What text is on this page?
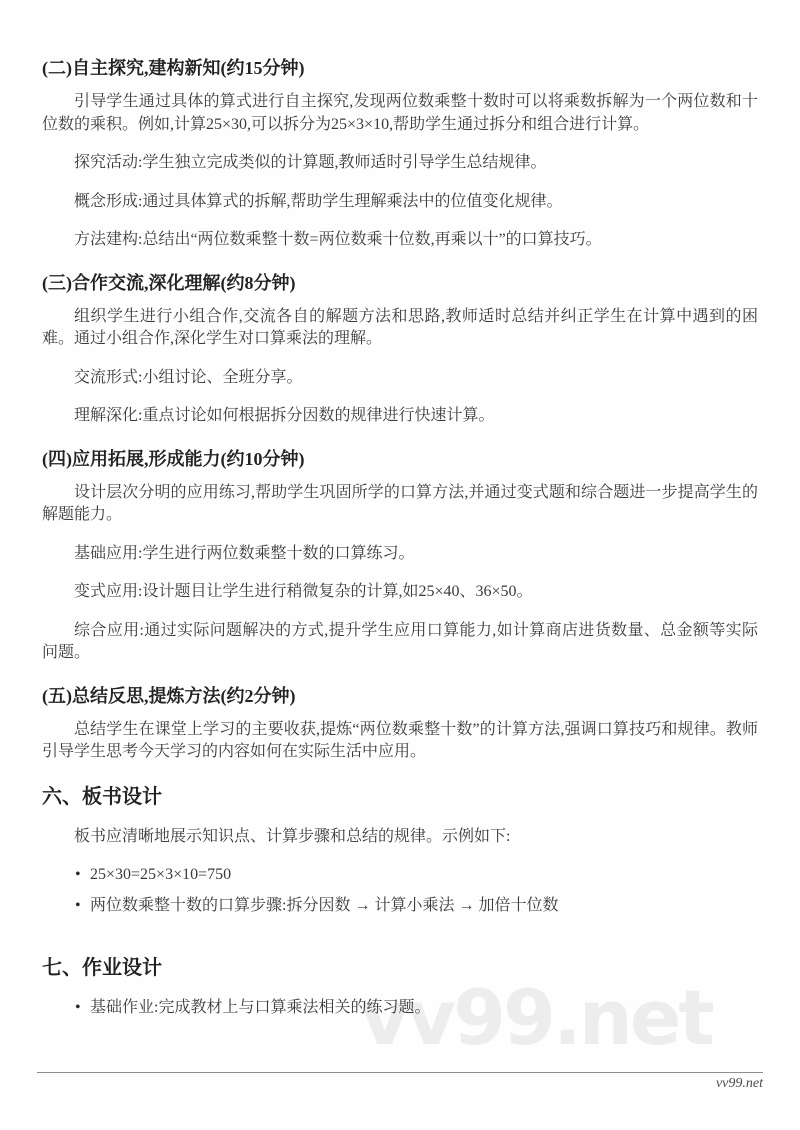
vv99.net
(二)自主探究,建构新知(约15分钟)

引导学生通过具体的算式进行自主探究,发现两位数乘整十数时可以将乘数拆解为一个两位数和十位数的乘积。例如,计算25×30,可以拆分为25×3×10,帮助学生通过拆分和组合进行计算。

探究活动:学生独立完成类似的计算题,教师适时引导学生总结规律。

概念形成:通过具体算式的拆解,帮助学生理解乘法中的位值变化规律。

方法建构:总结出“两位数乘整十数=两位数乘十位数,再乘以十”的口算技巧。

(三)合作交流,深化理解(约8分钟)

组织学生进行小组合作,交流各自的解题方法和思路,教师适时总结并纠正学生在计算中遇到的困难。通过小组合作,深化学生对口算乘法的理解。

交流形式:小组讨论、全班分享。

理解深化:重点讨论如何根据拆分因数的规律进行快速计算。

(四)应用拓展,形成能力(约10分钟)

设计层次分明的应用练习,帮助学生巩固所学的口算方法,并通过变式题和综合题进一步提高学生的解题能力。

基础应用:学生进行两位数乘整十数的口算练习。

变式应用:设计题目让学生进行稍微复杂的计算,如25×40、36×50。

综合应用:通过实际问题解决的方式,提升学生应用口算能力,如计算商店进货数量、总金额等实际问题。

(五)总结反思,提炼方法(约2分钟)

总结学生在课堂上学习的主要收获,提炼“两位数乘整十数”的计算方法,强调口算技巧和规律。教师引导学生思考今天学习的内容如何在实际生活中应用。

六、板书设计

板书应清晰地展示知识点、计算步骤和总结的规律。示例如下:

• 25×30=25×3×10=750
• 两位数乘整十数的口算步骤:拆分因数 → 计算小乘法 → 加倍十位数
七、作业设计
• 基础作业:完成教材上与口算乘法相关的练习题。
vv99.net
